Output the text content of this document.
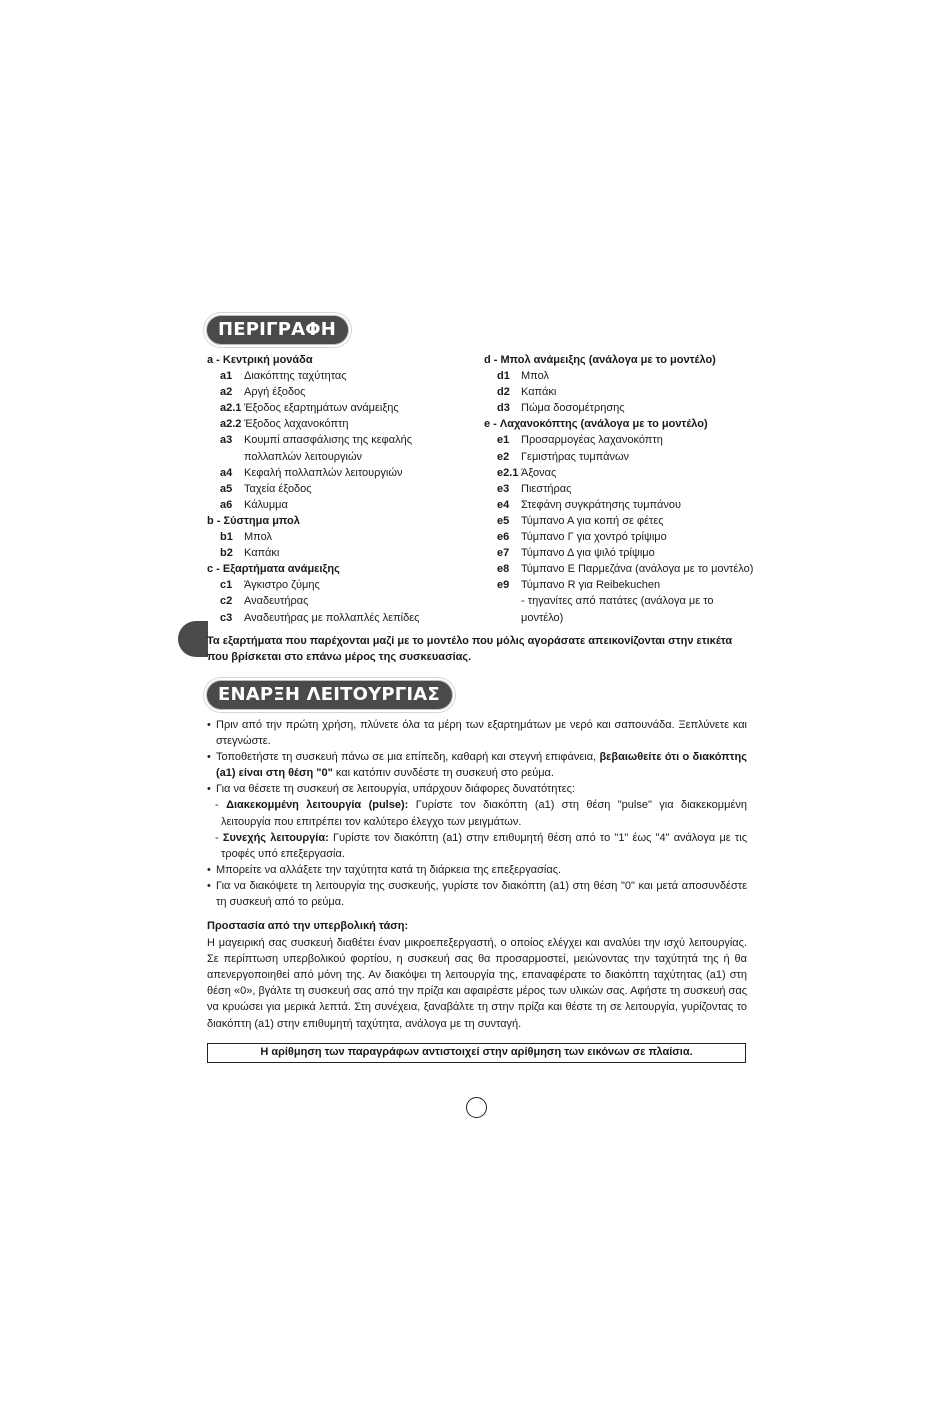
ΠΕΡΙΓΡΑΦΗ
a - Κεντρική μονάδα
a1 Διακόπτης ταχύτητας
a2 Αργή έξοδος
a2.1 Έξοδος εξαρτημάτων ανάμειξης
a2.2 Έξοδος λαχανοκόπτη
a3 Κουμπί απασφάλισης της κεφαλής
πολλαπλών λειτουργιών
a4 Κεφαλή πολλαπλών λειτουργιών
a5 Ταχεία έξοδος
a6 Κάλυμμα
b - Σύστημα μπολ
b1 Μπολ
b2 Καπάκι
c - Εξαρτήματα ανάμειξης
c1 Άγκιστρο ζύμης
c2 Αναδευτήρας
c3 Αναδευτήρας με πολλαπλές λεπίδες
d - Μπολ ανάμειξης (ανάλογα με το μοντέλο)
d1 Μπολ
d2 Καπάκι
d3 Πώμα δοσομέτρησης
e - Λαχανοκόπτης (ανάλογα με το μοντέλο)
e1 Προσαρμογέας λαχανοκόπτη
e2 Γεμιστήρας τυμπάνων
e2.1 Άξονας
e3 Πιεστήρας
e4 Στεφάνη συγκράτησης τυμπάνου
e5 Τύμπανο Α για κοπή σε φέτες
e6 Τύμπανο Γ για χοντρό τρίψιμο
e7 Τύμπανο Δ για ψιλό τρίψιμο
e8 Τύμπανο Ε Παρμεζάνα (ανάλογα με το μοντέλο)
e9 Τύμπανο R για Reibekuchen
- τηγανίτες από πατάτες (ανάλογα με το μοντέλο)
Τα εξαρτήματα που παρέχονται μαζί με το μοντέλο που μόλις αγοράσατε απεικονίζονται στην ετικέτα που βρίσκεται στο επάνω μέρος της συσκευασίας.
ΕΝΑΡΞΗ ΛΕΙΤΟΥΡΓΙΑΣ
• Πριν από την πρώτη χρήση, πλύνετε όλα τα μέρη των εξαρτημάτων με νερό και σαπουνάδα. Ξεπλύνετε και στεγνώστε.
• Τοποθετήστε τη συσκευή πάνω σε μια επίπεδη, καθαρή και στεγνή επιφάνεια, βεβαιωθείτε ότι ο διακόπτης (a1) είναι στη θέση "0" και κατόπιν συνδέστε τη συσκευή στο ρεύμα.
• Για να θέσετε τη συσκευή σε λειτουργία, υπάρχουν διάφορες δυνατότητες:
- Διακεκομμένη λειτουργία (pulse): Γυρίστε τον διακόπτη (a1) στη θέση "pulse" για διακεκομμένη λειτουργία που επιτρέπει τον καλύτερο έλεγχο των μειγμάτων.
- Συνεχής λειτουργία: Γυρίστε τον διακόπτη (a1) στην επιθυμητή θέση από το "1" έως "4" ανάλογα με τις τροφές υπό επεξεργασία.
• Μπορείτε να αλλάξετε την ταχύτητα κατά τη διάρκεια της επεξεργασίας.
• Για να διακόψετε τη λειτουργία της συσκευής, γυρίστε τον διακόπτη (a1) στη θέση "0" και μετά αποσυνδέστε τη συσκευή από το ρεύμα.
Προστασία από την υπερβολική τάση:
Η μαγειρική σας συσκευή διαθέτει έναν μικροεπεξεργαστή, ο οποίος ελέγχει και αναλύει την ισχύ λειτουργίας. Σε περίπτωση υπερβολικού φορτίου, η συσκευή σας θα προσαρμοστεί, μειώνοντας την ταχύτητά της ή θα απενεργοποιηθεί από μόνη της. Αν διακόψει τη λειτουργία της, επαναφέρατε το διακόπτη ταχύτητας (a1) στη θέση «0», βγάλτε τη συσκευή σας από την πρίζα και αφαιρέστε μέρος των υλικών σας. Αφήστε τη συσκευή σας να κρυώσει για μερικά λεπτά. Στη συνέχεια, ξαναβάλτε τη στην πρίζα και θέστε τη σε λειτουργία, γυρίζοντας το διακόπτη (a1) στην επιθυμητή ταχύτητα, ανάλογα με τη συνταγή.
Η αρίθμηση των παραγράφων αντιστοιχεί στην αρίθμηση των εικόνων σε πλαίσια.
